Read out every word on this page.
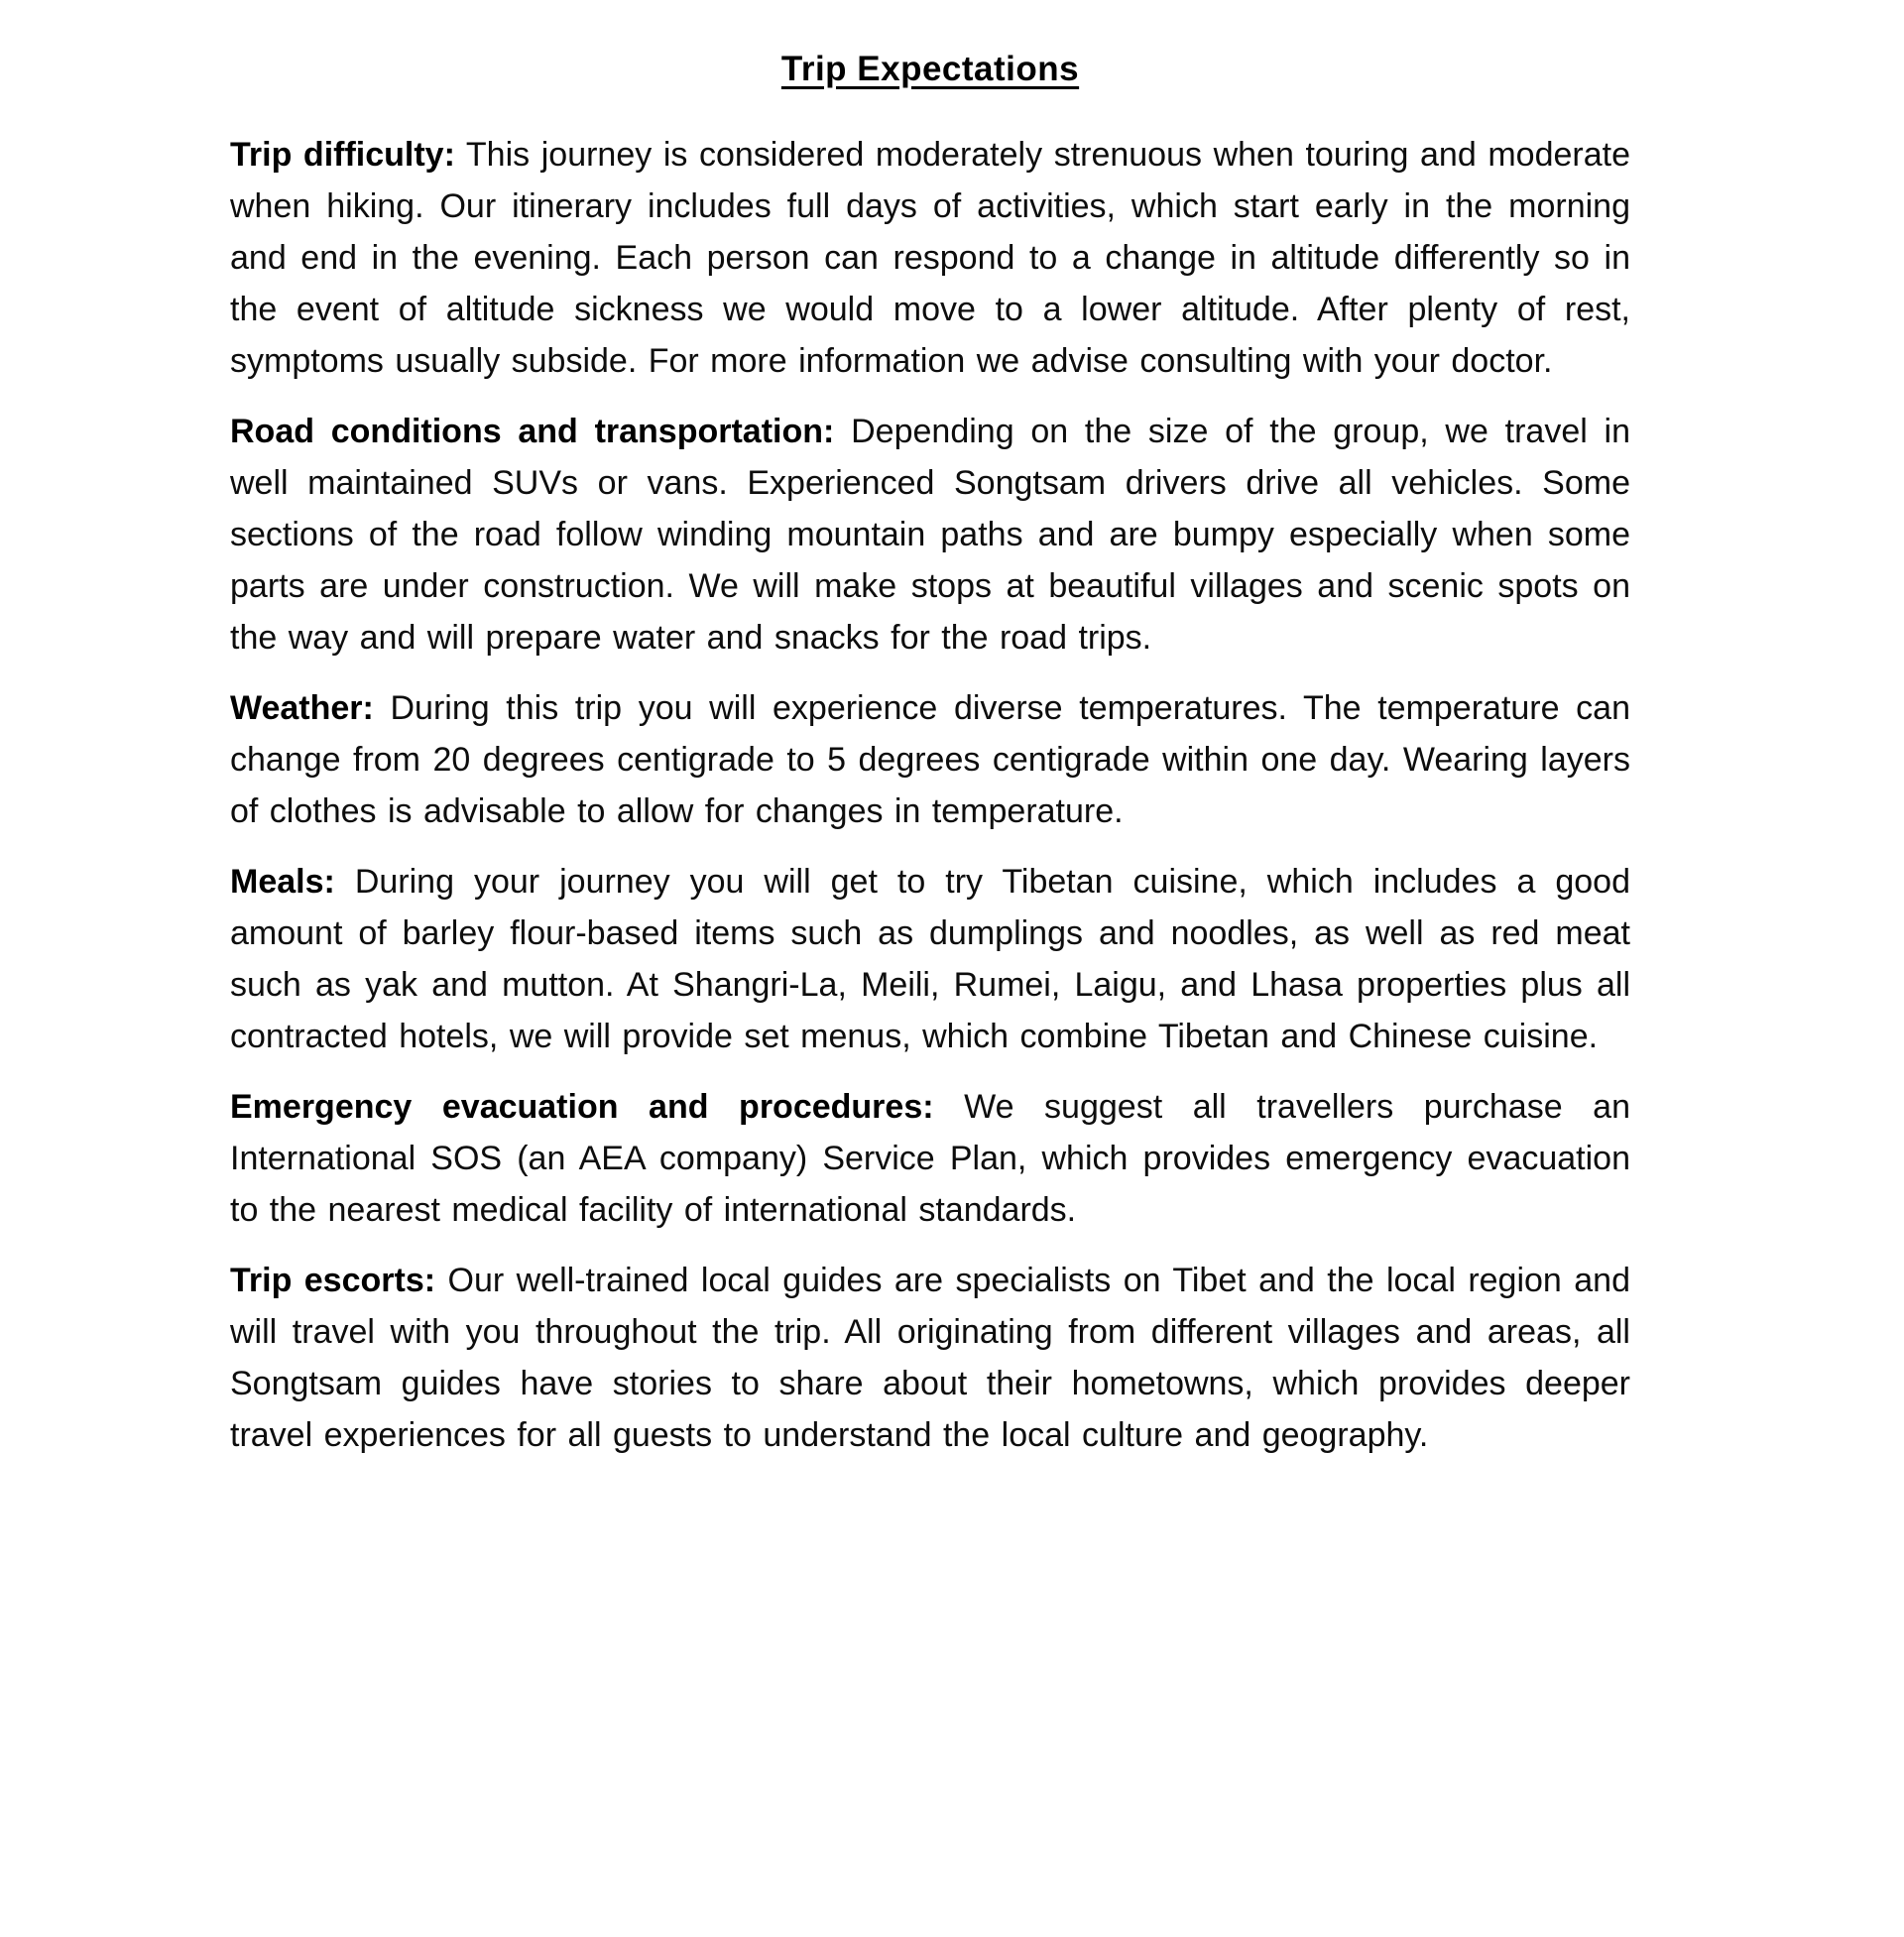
Trip Expectations

Trip difficulty: This journey is considered moderately strenuous when touring and moderate when hiking. Our itinerary includes full days of activities, which start early in the morning and end in the evening. Each person can respond to a change in altitude differently so in the event of altitude sickness we would move to a lower altitude. After plenty of rest, symptoms usually subside. For more information we advise consulting with your doctor.

Road conditions and transportation: Depending on the size of the group, we travel in well maintained SUVs or vans. Experienced Songtsam drivers drive all vehicles. Some sections of the road follow winding mountain paths and are bumpy especially when some parts are under construction. We will make stops at beautiful villages and scenic spots on the way and will prepare water and snacks for the road trips.

Weather: During this trip you will experience diverse temperatures. The temperature can change from 20 degrees centigrade to 5 degrees centigrade within one day. Wearing layers of clothes is advisable to allow for changes in temperature.

Meals: During your journey you will get to try Tibetan cuisine, which includes a good amount of barley flour-based items such as dumplings and noodles, as well as red meat such as yak and mutton. At Shangri-La, Meili, Rumei, Laigu, and Lhasa properties plus all contracted hotels, we will provide set menus, which combine Tibetan and Chinese cuisine.

Emergency evacuation and procedures: We suggest all travellers purchase an International SOS (an AEA company) Service Plan, which provides emergency evacuation to the nearest medical facility of international standards.

Trip escorts: Our well-trained local guides are specialists on Tibet and the local region and will travel with you throughout the trip. All originating from different villages and areas, all Songtsam guides have stories to share about their hometowns, which provides deeper travel experiences for all guests to understand the local culture and geography.
